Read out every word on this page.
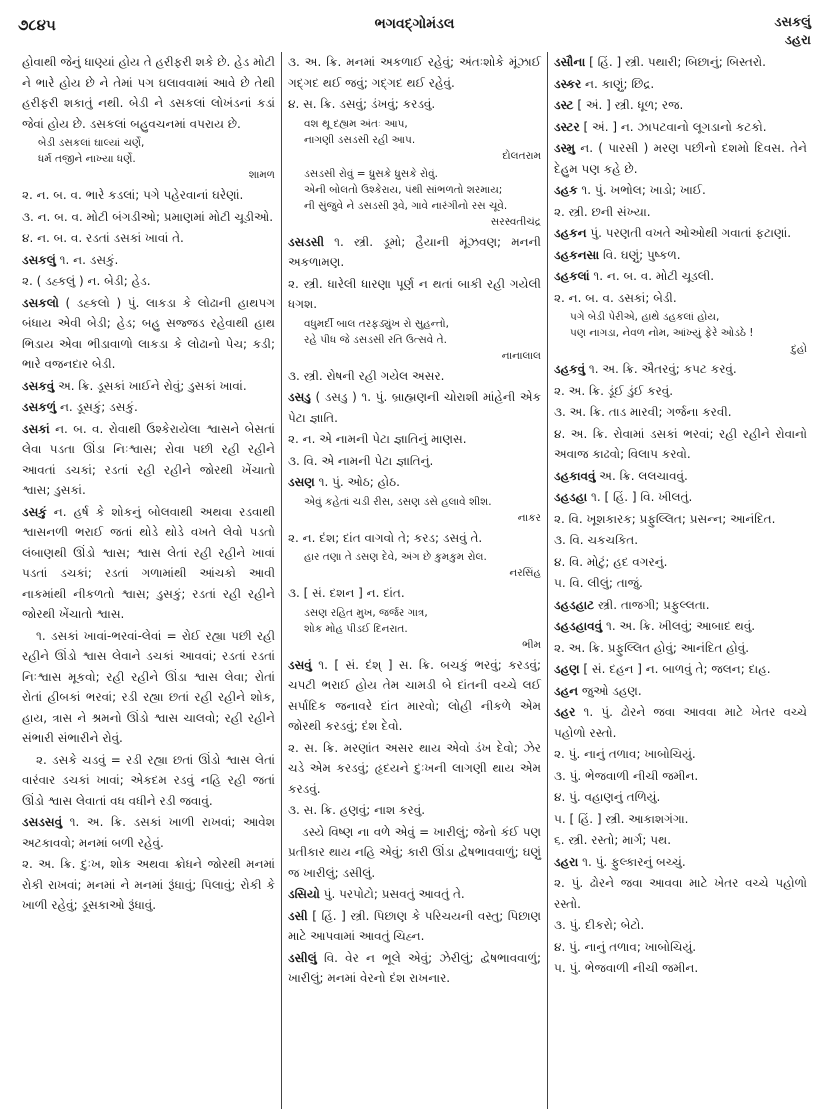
૭૮૪૫	ભગવદ્ગોમંડલ	ડસકલું
ડહરા

હોવાથી જેનું ધાણ્યાં હોય તે હરીફરી શકે છે. હેડ મોટી ને ભારે હોય છે ને તેમાં પગ ઘલાવવામાં આવે છે તેથી હરીફરી શકાતું નથી. બેડી ને ડસકલાં લોખંડનાં કડાં જેવાં હોય છે. ડસકલાં બહુવચનમાં વપરાય છે.

બેડી ડસકલાં ઘાલ્યાં ચર્ણે,

ધર્મ તજીને નાખ્યા ધર્ણે.

શામળ

૨. ન. બ. વ. ભારે કડલાં; પગે પહેરવાનાં ઘરેણાં.

૩. ન. બ. વ. મોટી બંગડીઓ; પ્રમાણમાં મોટી ચૂડીઓ.

૪. ન. બ. વ. રડતાં ડસકાં ખાવાં તે.

ડસકલું ૧. ન. ડસકું.

૨. ( ડહ્કલું ) ન. બેડી; હેડ.

ડસકલો ( ડહ્કલો ) પું. લાકડા કે લોઢાની હાથપગ બંધાય એવી બેડી; હેડ; બહુ સજ્જડ રહેવાથી હાથ ભિડાય એવા ભીડાવાળો લાકડા કે લોઢાનો પેચ; કડી; ભારે વજનદાર બેડી.

ડસકવું અ. ક્રિ. ડૂસકાં ખાઈને રોવું; ડુસકાં ખાવાં.

ડસકળું ન. ડૂસકું; ડસકું.

ડસકાં ન. બ. વ. રોવાથી ઉશ્કેરાયેલા શ્વાસને બેસતાં લેવા પડતા ઊંડા નિઃશ્વાસ; રોવા પછી રહી રહીને આવતાં ડચકાં; રડતાં રહી રહીને જોરથી ખેંચાતો શ્વાસ; ડુસકાં.

ડસકું ન. હર્ષ કે શોકનું બોલવાથી અથવા રડવાથી શ્વાસનળી ભરાઈ જતાં થોડે થોડે વખતે લેવો પડતો લંબાણથી ઊંડો શ્વાસ; શ્વાસ લેતાં રહી રહીને ખાવાં પડતાં ડચકાં; રડતાં ગળામાંથી આંચકો આવી નાકમાંથી નીકળતો શ્વાસ; ડુસકું; રડતાં રહી રહીને જોરથી ખેંચાતો શ્વાસ.

૧. ડસકાં ખાવાં-ભરવાં-લેવાં = રોઈ રહ્યા પછી રહી રહીને ઊંડો શ્વાસ લેવાને ડચકાં આવવાં; રડતાં રડતાં નિઃશ્વાસ મૂકવો; રહી રહીને ઊંડા શ્વાસ લેવા; રોતાં રોતાં હીબકાં ભરવાં; રડી રહ્યા છતાં રહી રહીને શોક, હાય, ત્રાસ ને શ્રમનો ઊંડો શ્વાસ ચાલવો; રહી રહીને સંભારી સંભારીને રોવું.

૨. ડસકે ચડવું = રડી રહ્યા છતાં ઊંડો શ્વાસ લેતાં વારંવાર ડચકાં ખાવાં; એકદમ રડવું નહિ રહી જતાં ઊંડો શ્વાસ લેવાતાં વધ વધીને રડી જવાવું.

ડસડસવું ૧. અ. ક્રિ. ડસકાં ખાળી રાખવાં; આવેશ અટકાવવો; મનમાં બળી રહેવું.

૨. અ. ક્રિ. દુઃખ, શોક અથવા ક્રોધને જોરથી મનમાં રોકી રાખવાં; મનમાં ને મનમાં રૂંધાવું; પિલાવું; રોકી કે ખાળી રહેવું; ડૂસકાઓ રૂંધાવું.

૩. અ. ક્રિ. મનમાં અકળાઈ રહેવું; અંતઃશોકે મૂંઝાઈ ગદ્ગદ થઈ જવું; ગદ્ગદ થઈ રહેવું.

૪. સ. ક્રિ. ડસવું; ડંખવું; કરડવું.

વશ થૂ દહ્યમ અંતઃ આપ,

નાગણી ડસડસી રહી આપ.

દોલતરામ

ડસડસી રોવું = ધ્રુસકે ધ્રુસકે રોવું.

એની બોલતો ઉશ્કેરાય, પંથી સાંભળતો શરમાય;

ની સુંજુવે ને ડસડસી રૂવે, ગાવે નારંગીનો રસ ચૂવે.

સરસ્વતીચંદ્ર

ડસડસી ૧. સ્ત્રી. ડૂમો; હૈયાની મૂંઝવણ; મનની અકળામણ.

૨. સ્ત્રી. ધારેલી ધારણા પૂર્ણ ન થતાં બાકી રહી ગયેલી ધગશ.

વધુમર્દી બાલ તરફડ્યુંખ રો સુહન્તો,

રહે પીધ જે ડસડસી રતિ ઉત્સવે તે.

નાનાલાલ

૩. સ્ત્રી. રોષની રહી ગયેલ અસર.

ડસડુ ( ડસડુ ) ૧. પું. બ્રાહ્મણની ચોરાશી માંહેની એક પેટા જ્ઞાતિ.

૨. ન. એ નામની પેટા જ્ઞાતિનું માણસ.

૩. વિ. એ નામની પેટા જ્ઞાતિનું.

ડસણ ૧. પું. ઓઠ; હોઠ.

એવું કહેતાં ચડી રીસ, ડસણ ડસે હલાવે શીશ.

નાકર

૨. ન. દંશ; દાંત વાગવો તે; કરડ; ડસવું તે.

હાર તણા તે ડસણ દેવે, અંગ છે કુમકુમ રોલ.

નરસિંહ

૩. [ સં. દશન ] ન. દાંત.

ડસણ રહિત મુખ, જર્જર ગાત્ર,

શોક મોહ પીડઈ દિનરાત.

ભીમ

ડસવું ૧. [ સં. દંશ્ ] સ. ક્રિ. બચકું ભરવું; કરડવું; ચપટી ભરાઈ હોય તેમ ચામડી બે દાંતની વચ્ચે લઈ સર્પાદિક જનાવરે દાંત મારવો; લોહી નીકળે એમ જોરથી કરડવું; દંશ દેવો.

૨. સ. ક્રિ. મરણાંત અસર થાય એવો ડંખ દેવો; ઝેર ચડે એમ કરડવું; હૃદયને દુઃખની લાગણી થાય એમ કરડવું.

૩. સ. ક્રિ. હણવું; નાશ કરવું.

ડસ્યે વિષ્ણ ના વળે એવું = ખારીલું; જેનો કંઈ પણ પ્રતીકાર થાય નહિ એવું; કારી ઊંડા દ્વેષભાવવાળું; ઘણું જ ખારીલું; ડસીલું.

ડસિયો પું. પરપોટો; પ્રસવતું આવતું તે.

ડસી [ હિં. ] સ્ત્રી. પિછાણ કે પરિચયની વસ્તુ; પિછાણ માટે આપવામાં આવતું ચિહ્ન.

ડસીલું વિ. વેર ન ભૂલે એવું; ઝેરીલું; દ્વેષભાવવાળું; ખારીલું; મનમાં વેરનો દંશ રાખનાર.

ડસૌના [ હિં. ] સ્ત્રી. પથારી; બિછાનું; બિસ્તરો.

ડસ્કર ન. કાણું; છિદ્ર.

ડસ્ટ [ અં. ] સ્ત્રી. ધૂળ; રજ.

ડસ્ટર [ અં. ] ન. ઝાપટવાનો લૂગડાનો કટકો.

ડસ્મુ ન. ( પારસી ) મરણ પછીનો દશમો દિવસ. તેને દેહુમ પણ કહે છે.

ડહક ૧. પું. ખભોલ; ખાડો; ખાઈ.

૨. સ્ત્રી. છની સંખ્યા.

ડહકન પું. પરણતી વખતે ઓઓથી ગવાતાં ફટાણાં.

ડહકનસા વિ. ઘણું; પુષ્કળ.

ડહકલાં ૧. ન. બ. વ. મોટી ચૂડલી.

૨. ન. બ. વ. ડસકાં; બેડી.

પગે બેડી પેરીએ, હાથે ડહકલાં હોય,

પણ નાગડા, નેવળ નોમ, આંખ્યું ફેરે ઓડઠે !

દુહો

ડહકવું ૧. અ. ક્રિ. ઐતરવું; કપટ કરવું.

૨. અ. ક્રિ. ડૂંઈ ડુંઈ કરવું.

૩. અ. ક્રિ. તાડ મારવી; ગર્જના કરવી.

૪. અ. ક્રિ. રોવામાં ડસકાં ભરવાં; રહી રહીને રોવાનો અવાજ કાઢવો; વિલાપ કરવો.

ડહકાવવું અ. ક્રિ. લલચાવવું.

ડહડહા ૧. [ હિં. ] વિ. ખીલતું.

૨. વિ. ખૂશકારક; પ્રફુલ્લિત; પ્રસન્ન; આનંદિત.

૩. વિ. ચકચકિત.

૪. વિ. મોટું; હદ વગરનું.

૫. વિ. લીલું; તાજું.

ડહડહાટ સ્ત્રી. તાજગી; પ્રફુલ્લતા.

ડહડહાવવું ૧. અ. ક્રિ. ખીલવું; આબાદ થવું.

૨. અ. ક્રિ. પ્રફુલ્લિત હોવું; આનંદિત હોવું.

ડહણ [ સં. દહન ] ન. બાળવું તે; જલન; દાહ.

ડહન જુઓ ડહણ.

ડહર ૧. પું. ઢોરને જવા આવવા માટે ખેતર વચ્ચે પહોળો રસ્તો.

૨. પું. નાનું તળાવ; ખાબોચિયું.

૩. પું. ભેજવાળી નીચી જમીન.

૪. પું. વહાણનું તળિયું.

૫. [ હિં. ] સ્ત્રી. આકાશગંગા.

૬. સ્ત્રી. રસ્તો; માર્ગ; પથ.

ડહરા ૧. પું. ફુલ્કારનું બચ્ચું.

૨. પું. ઢોરને જવા આવવા માટે ખેતર વચ્ચે પહોળો રસ્તો.

૩. પું. દીકરો; બેટો.

૪. પું. નાનું તળાવ; ખાબોચિયું.

૫. પું. ભેજવાળી નીચી જમીન.
